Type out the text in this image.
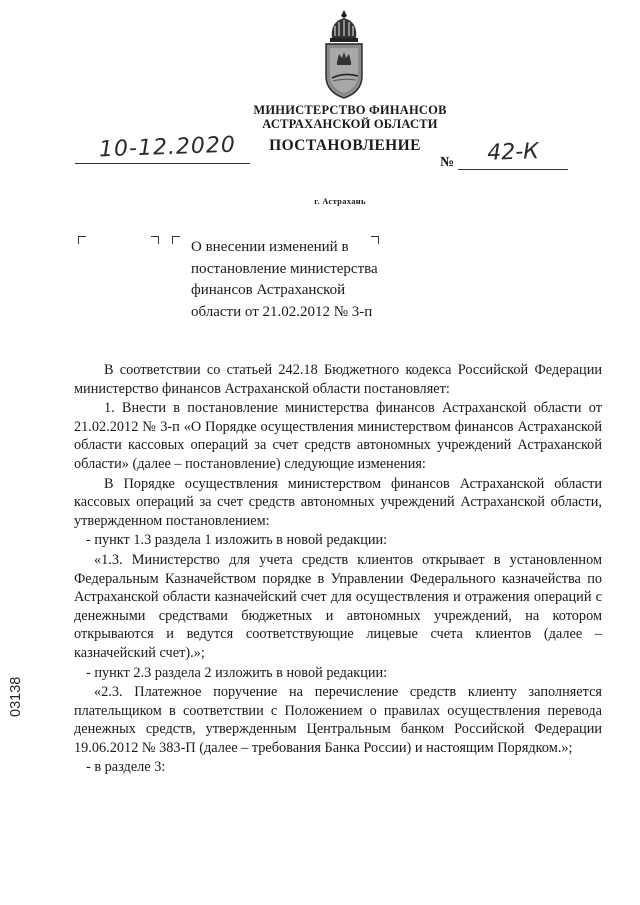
МИНИСТЕРСТВО ФИНАНСОВ
АСТРАХАНСКОЙ ОБЛАСТИ
ПОСТАНОВЛЕНИЕ
10-12.2020
№	42-К
г. Астрахань
О внесении изменений в
постановление министерства
финансов Астраханской
области от 21.02.2012 № 3-п

В соответствии со статьей 242.18 Бюджетного кодекса Российской Федерации министерство финансов Астраханской области постановляет:

1. Внести в постановление министерства финансов Астраханской области от 21.02.2012 № 3-п «О Порядке осуществления министерством финансов Астраханской области кассовых операций за счет средств автономных учреждений Астраханской области» (далее – постановление) следующие изменения:

В Порядке осуществления министерством финансов Астраханской области кассовых операций за счет средств автономных учреждений Астраханской области, утвержденном постановлением:

- пункт 1.3 раздела 1 изложить в новой редакции:

«1.3. Министерство для учета средств клиентов открывает в установленном Федеральным Казначейством порядке в Управлении Федерального казначейства по Астраханской области казначейский счет для осуществления и отражения операций с денежными средствами бюджетных и автономных учреждений, на котором открываются и ведутся соответствующие лицевые счета клиентов (далее – казначейский счет).»;

- пункт 2.3 раздела 2 изложить в новой редакции:

«2.3. Платежное поручение на перечисление средств клиенту заполняется плательщиком в соответствии с Положением о правилах осуществления перевода денежных средств, утвержденным Центральным банком Российской Федерации 19.06.2012 № 383-П (далее – требования Банка России) и настоящим Порядком.»;

- в разделе 3:

03138
